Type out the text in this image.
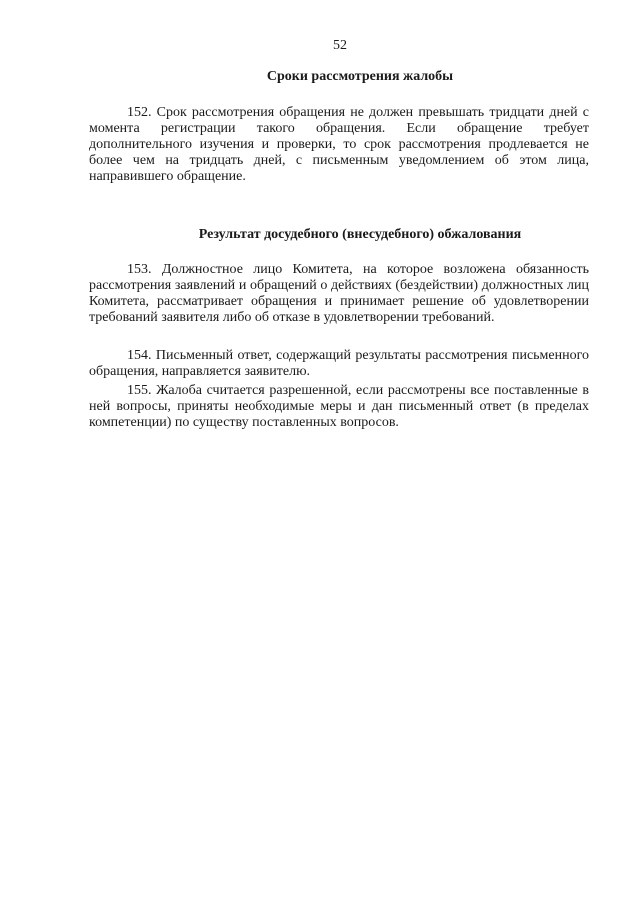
52
Сроки рассмотрения жалобы

152. Срок рассмотрения обращения не должен превышать тридцати дней с момента регистрации такого обращения. Если обращение требует дополнительного изучения и проверки, то срок рассмотрения продлевается не более чем на тридцать дней, с письменным уведомлением об этом лица, направившего обращение.

Результат досудебного (внесудебного) обжалования

153. Должностное лицо Комитета, на которое возложена обязанность рассмотрения заявлений и обращений о действиях (бездействии) должностных лиц Комитета, рассматривает обращения и принимает решение об удовлетворении требований заявителя либо об отказе в удовлетворении требований.

154. Письменный ответ, содержащий результаты рассмотрения письменного обращения, направляется заявителю.

155. Жалоба считается разрешенной, если рассмотрены все поставленные в ней вопросы, приняты необходимые меры и дан письменный ответ (в пределах компетенции) по существу поставленных вопросов.
